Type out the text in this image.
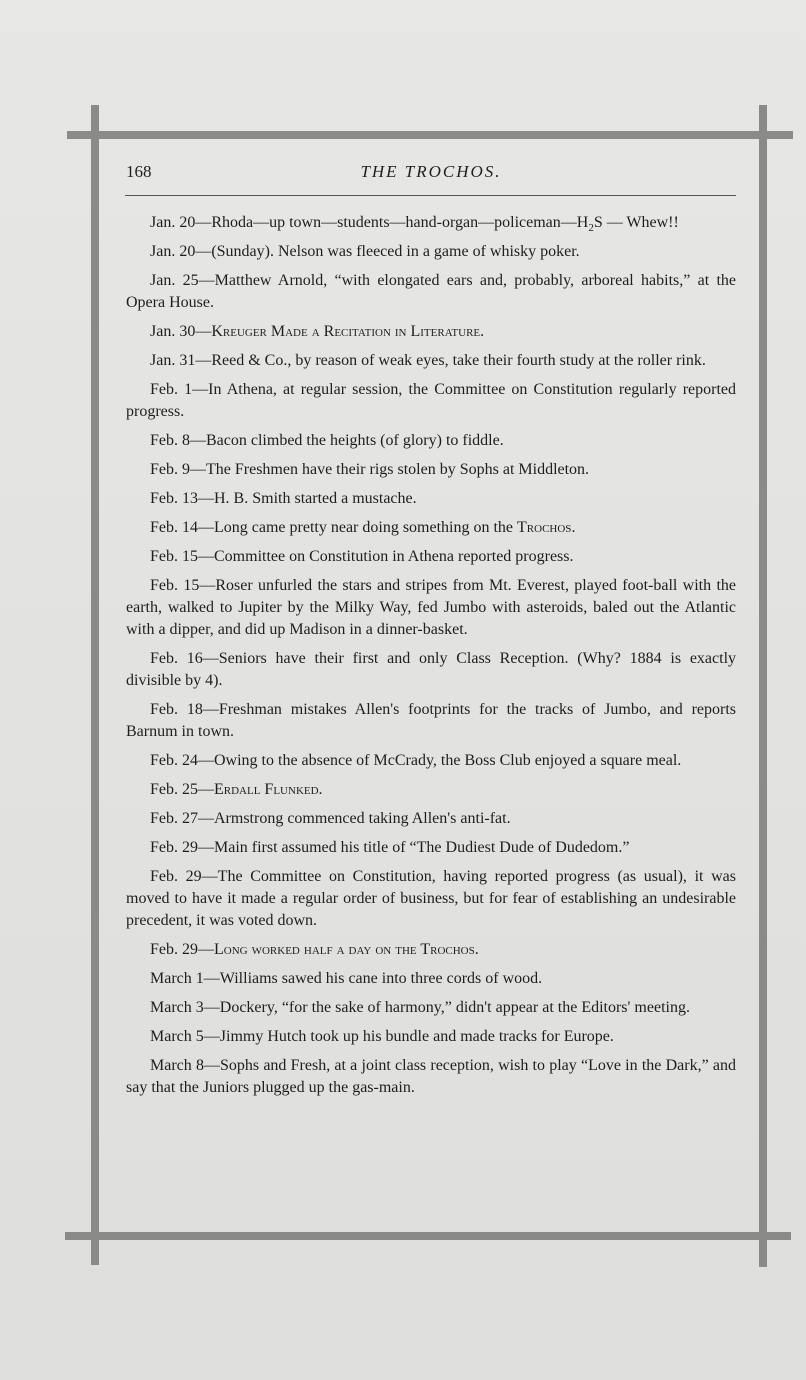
168	THE TROCHOS.

Jan. 20—Rhoda—up $town—students—hand-organ—policeman—H_2S$ — Whew!!

Jan. 20—(Sunday). Nelson was fleeced in a game of whisky poker.

Jan. 25—Matthew Arnold, “with elongated ears and, probably, arboreal habits,” at the Opera House.

Jan. 30—Kreuger Made a Recitation in Literature.

Jan. 31—Reed & Co., by reason of weak eyes, take their fourth study at the roller rink.

Feb. 1—In Athena, at regular session, the Committee on Constitution regularly reported progress.

Feb. 8—Bacon climbed the heights (of glory) to fiddle.

Feb. 9—The Freshmen have their rigs stolen by Sophs at Middleton.

Feb. 13—H. B. Smith started a mustache.

Feb. 14—Long came pretty near doing something on the Trochos.

Feb. 15—Committee on Constitution in Athena reported progress.

Feb. 15—Roser unfurled the stars and stripes from Mt. Everest, played foot-ball with the earth, walked to Jupiter by the Milky Way, fed Jumbo with asteroids, baled out the Atlantic with a dipper, and did up Madison in a dinner-basket.

Feb. 16—Seniors have their first and only Class Reception. (Why? 1884 is exactly divisible by 4).

Feb. 18—Freshman mistakes Allen's footprints for the tracks of Jumbo, and reports Barnum in town.

Feb. 24—Owing to the absence of McCrady, the Boss Club enjoyed a square meal.

Feb. 25—Erdall Flunked.

Feb. 27—Armstrong commenced taking Allen's anti-fat.

Feb. 29—Main first assumed his title of “The Dudiest Dude of Dudedom.”

Feb. 29—The Committee on Constitution, having reported progress (as usual), it was moved to have it made a regular order of business, but for fear of establishing an undesirable precedent, it was voted down.

Feb. 29—Long worked half a day on the Trochos.

March 1—Williams sawed his cane into three cords of wood.

March 3—Dockery, “for the sake of harmony,” didn't appear at the Editors' meeting.

March 5—Jimmy Hutch took up his bundle and made tracks for Europe.

March 8—Sophs and Fresh, at a joint class reception, wish to play “Love in the Dark,” and say that the Juniors plugged up the gas-main.
